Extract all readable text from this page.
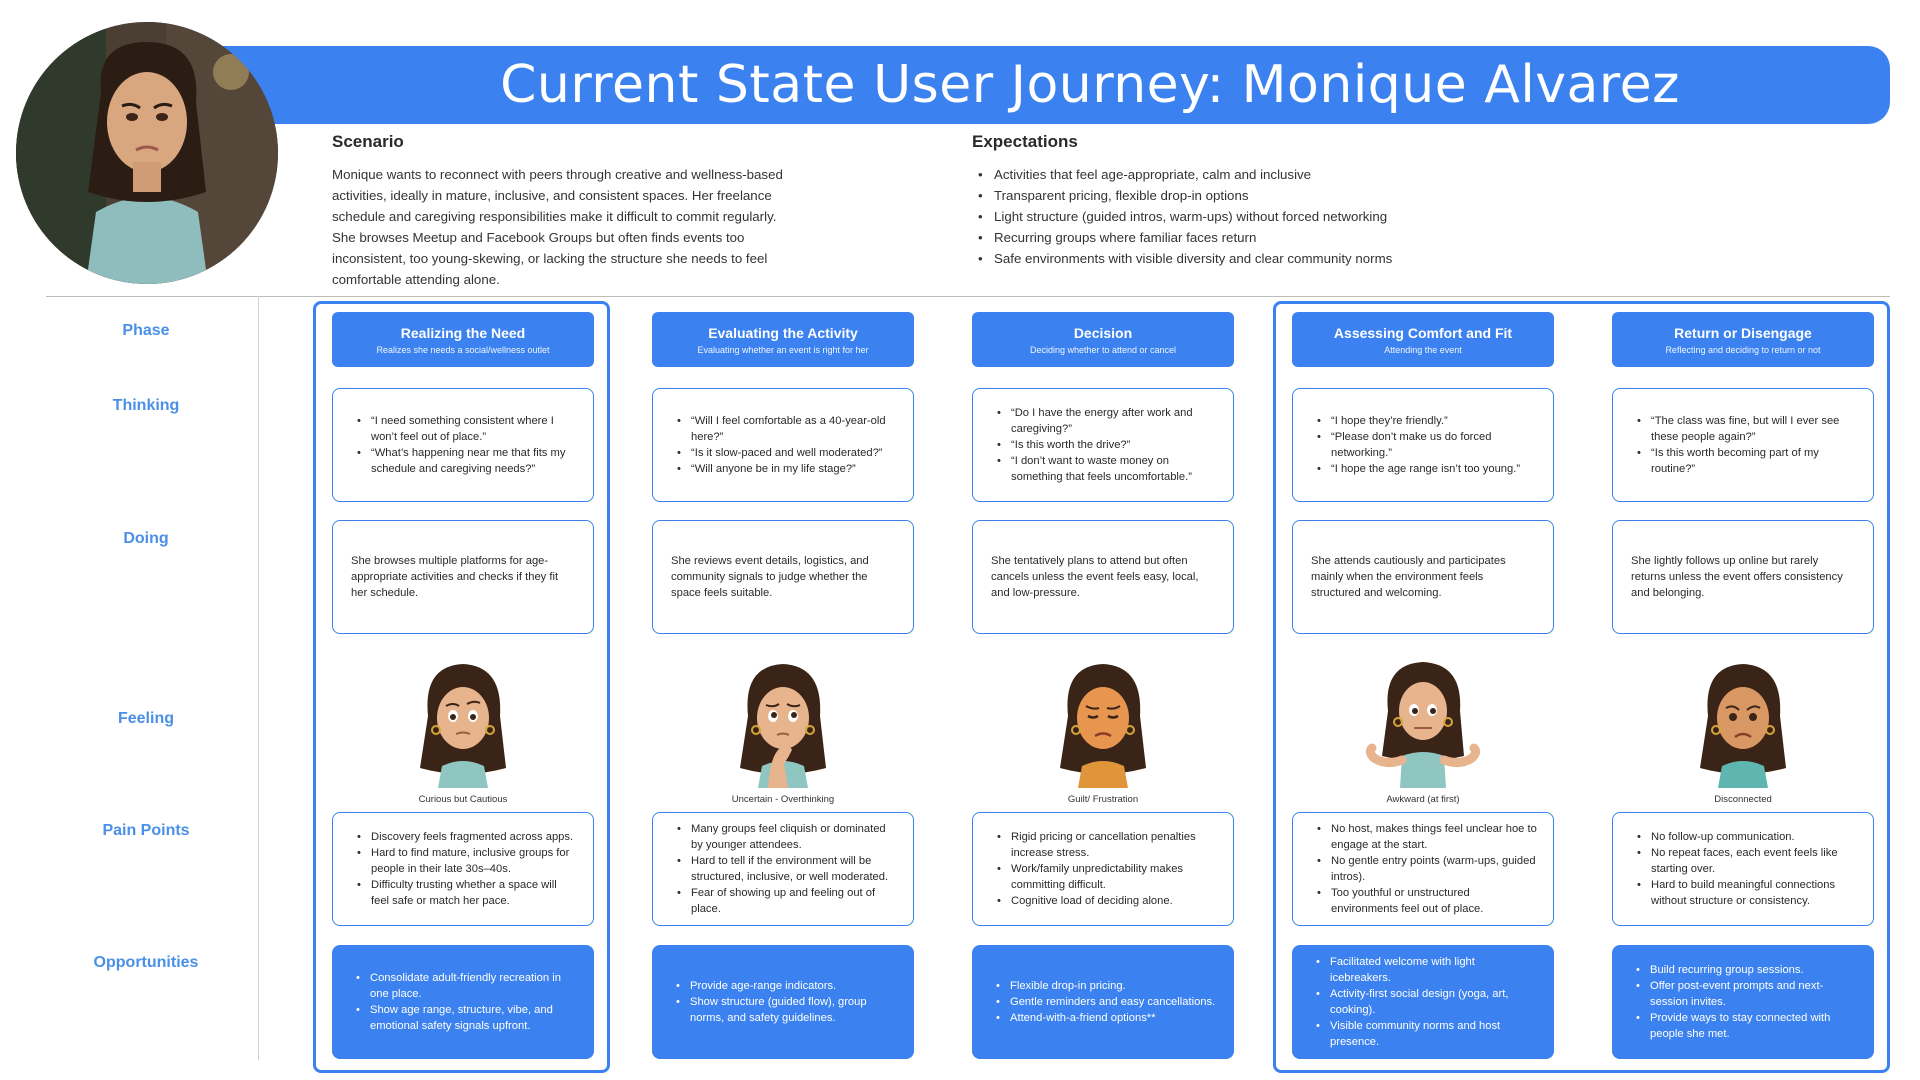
Current State User Journey: Monique Alvarez
Scenario
Monique wants to reconnect with peers through creative and wellness-based activities, ideally in mature, inclusive, and consistent spaces. Her freelance schedule and caregiving responsibilities make it difficult to commit regularly. She browses Meetup and Facebook Groups but often finds events too inconsistent, too young-skewing, or lacking the structure she needs to feel comfortable attending alone.
Expectations
• Activities that feel age-appropriate, calm and inclusive
• Transparent pricing, flexible drop-in options
• Light structure (guided intros, warm-ups) without forced networking
• Recurring groups where familiar faces return
• Safe environments with visible diversity and clear community norms
Phase
Thinking
Doing
Feeling
Pain Points
Opportunities
Realizing the Need
Realizes she needs a social/wellness outlet
• “I need something consistent where I won’t feel out of place.”
• “What’s happening near me that fits my schedule and caregiving needs?”

She browses multiple platforms for age-appropriate activities and checks if they fit her schedule.

Curious but Cautious
• Discovery feels fragmented across apps.
• Hard to find mature, inclusive groups for people in their late 30s–40s.
• Difficulty trusting whether a space will feel safe or match her pace.
• Consolidate adult-friendly recreation in one place.
• Show age range, structure, vibe, and emotional safety signals upfront.
Evaluating the Activity
Evaluating whether an event is right for her
• “Will I feel comfortable as a 40-year-old here?”
• “Is it slow-paced and well moderated?”
• “Will anyone be in my life stage?”

She reviews event details, logistics, and community signals to judge whether the space feels suitable.

Uncertain - Overthinking
• Many groups feel cliquish or dominated by younger attendees.
• Hard to tell if the environment will be structured, inclusive, or well moderated.
• Fear of showing up and feeling out of place.
• Provide age-range indicators.
• Show structure (guided flow), group norms, and safety guidelines.
Decision
Deciding whether to attend or cancel
• “Do I have the energy after work and caregiving?”
• “Is this worth the drive?”
• “I don’t want to waste money on something that feels uncomfortable.”

She tentatively plans to attend but often cancels unless the event feels easy, local, and low-pressure.

Guilt/ Frustration
• Rigid pricing or cancellation penalties increase stress.
• Work/family unpredictability makes committing difficult.
• Cognitive load of deciding alone.
• Flexible drop-in pricing.
• Gentle reminders and easy cancellations.
• Attend-with-a-friend options**
Assessing Comfort and Fit
Attending the event
• “I hope they’re friendly.”
• “Please don’t make us do forced networking.”
• “I hope the age range isn’t too young.”

She attends cautiously and participates mainly when the environment feels structured and welcoming.

Awkward (at first)
• No host, makes things feel unclear hoe to engage at the start.
• No gentle entry points (warm-ups, guided intros).
• Too youthful or unstructured environments feel out of place.
• Facilitated welcome with light icebreakers.
• Activity-first social design (yoga, art, cooking).
• Visible community norms and host presence.
Return or Disengage
Reflecting and deciding to return or not
• “The class was fine, but will I ever see these people again?”
• “Is this worth becoming part of my routine?”

She lightly follows up online but rarely returns unless the event offers consistency and belonging.

Disconnected
• No follow-up communication.
• No repeat faces, each event feels like starting over.
• Hard to build meaningful connections without structure or consistency.
• Build recurring group sessions.
• Offer post-event prompts and next-session invites.
• Provide ways to stay connected with people she met.
